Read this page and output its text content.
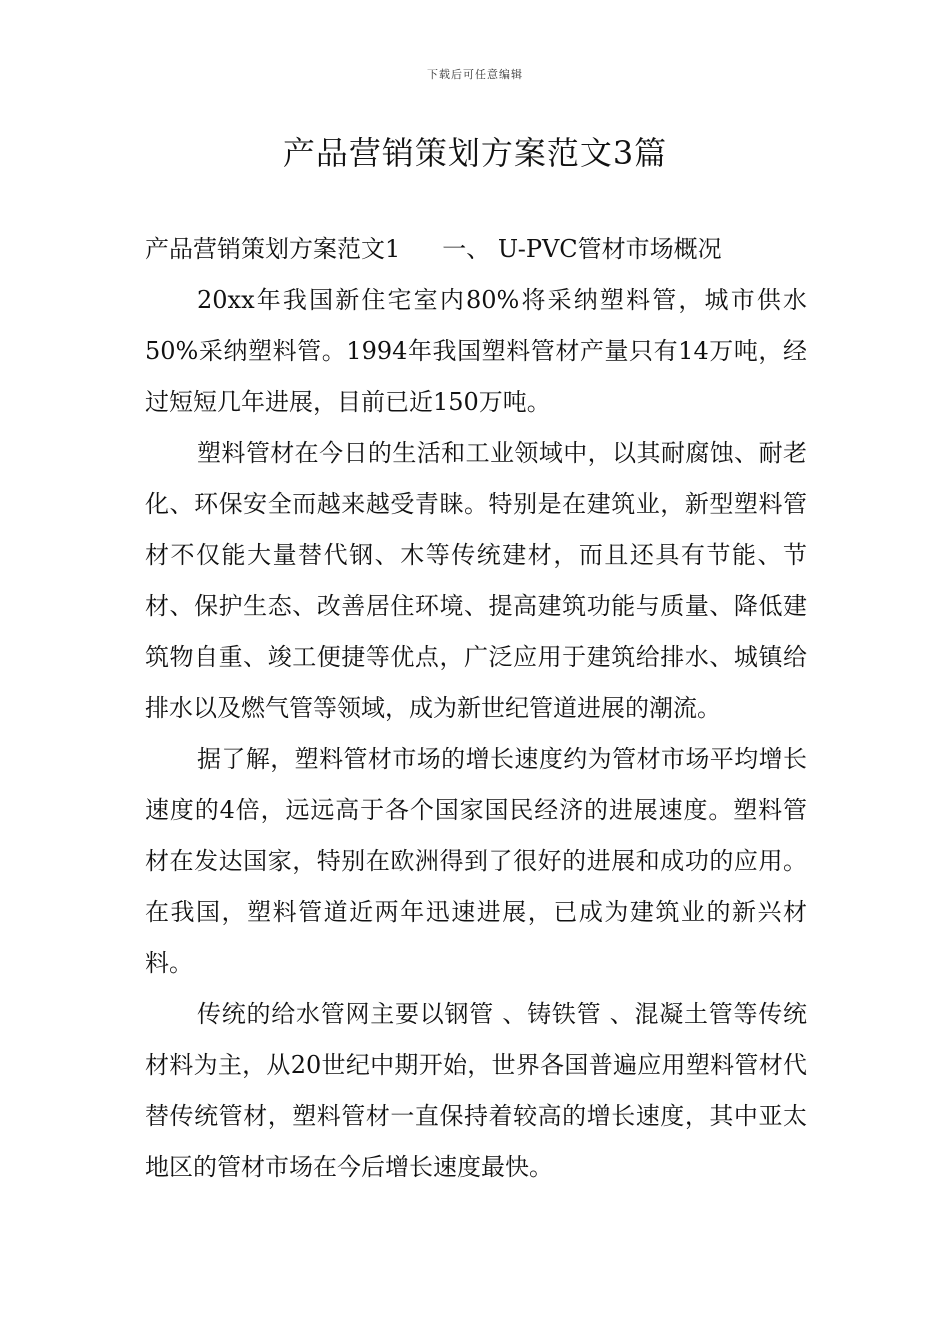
下载后可任意编辑
产品营销策划方案范文3篇

产品营销策划方案范文1 一、 U-PVC管材市场概况

20xx年我国新住宅室内80%将采纳塑料管，城市供水50%采纳塑料管。1994年我国塑料管材产量只有14万吨，经过短短几年进展，目前已近150万吨。

塑料管材在今日的生活和工业领域中，以其耐腐蚀、耐老化、环保安全而越来越受青睐。特别是在建筑业，新型塑料管材不仅能大量替代钢、木等传统建材，而且还具有节能、节材、保护生态、改善居住环境、提高建筑功能与质量、降低建筑物自重、竣工便捷等优点，广泛应用于建筑给排水、城镇给排水以及燃气管等领域，成为新世纪管道进展的潮流。

据了解，塑料管材市场的增长速度约为管材市场平均增长速度的4倍，远远高于各个国家国民经济的进展速度。塑料管材在发达国家，特别在欧洲得到了很好的进展和成功的应用。在我国，塑料管道近两年迅速进展，已成为建筑业的新兴材料。

传统的给水管网主要以钢管 、铸铁管 、混凝土管等传统材料为主，从20世纪中期开始，世界各国普遍应用塑料管材代替传统管材，塑料管材一直保持着较高的增长速度，其中亚太地区的管材市场在今后增长速度最快。
